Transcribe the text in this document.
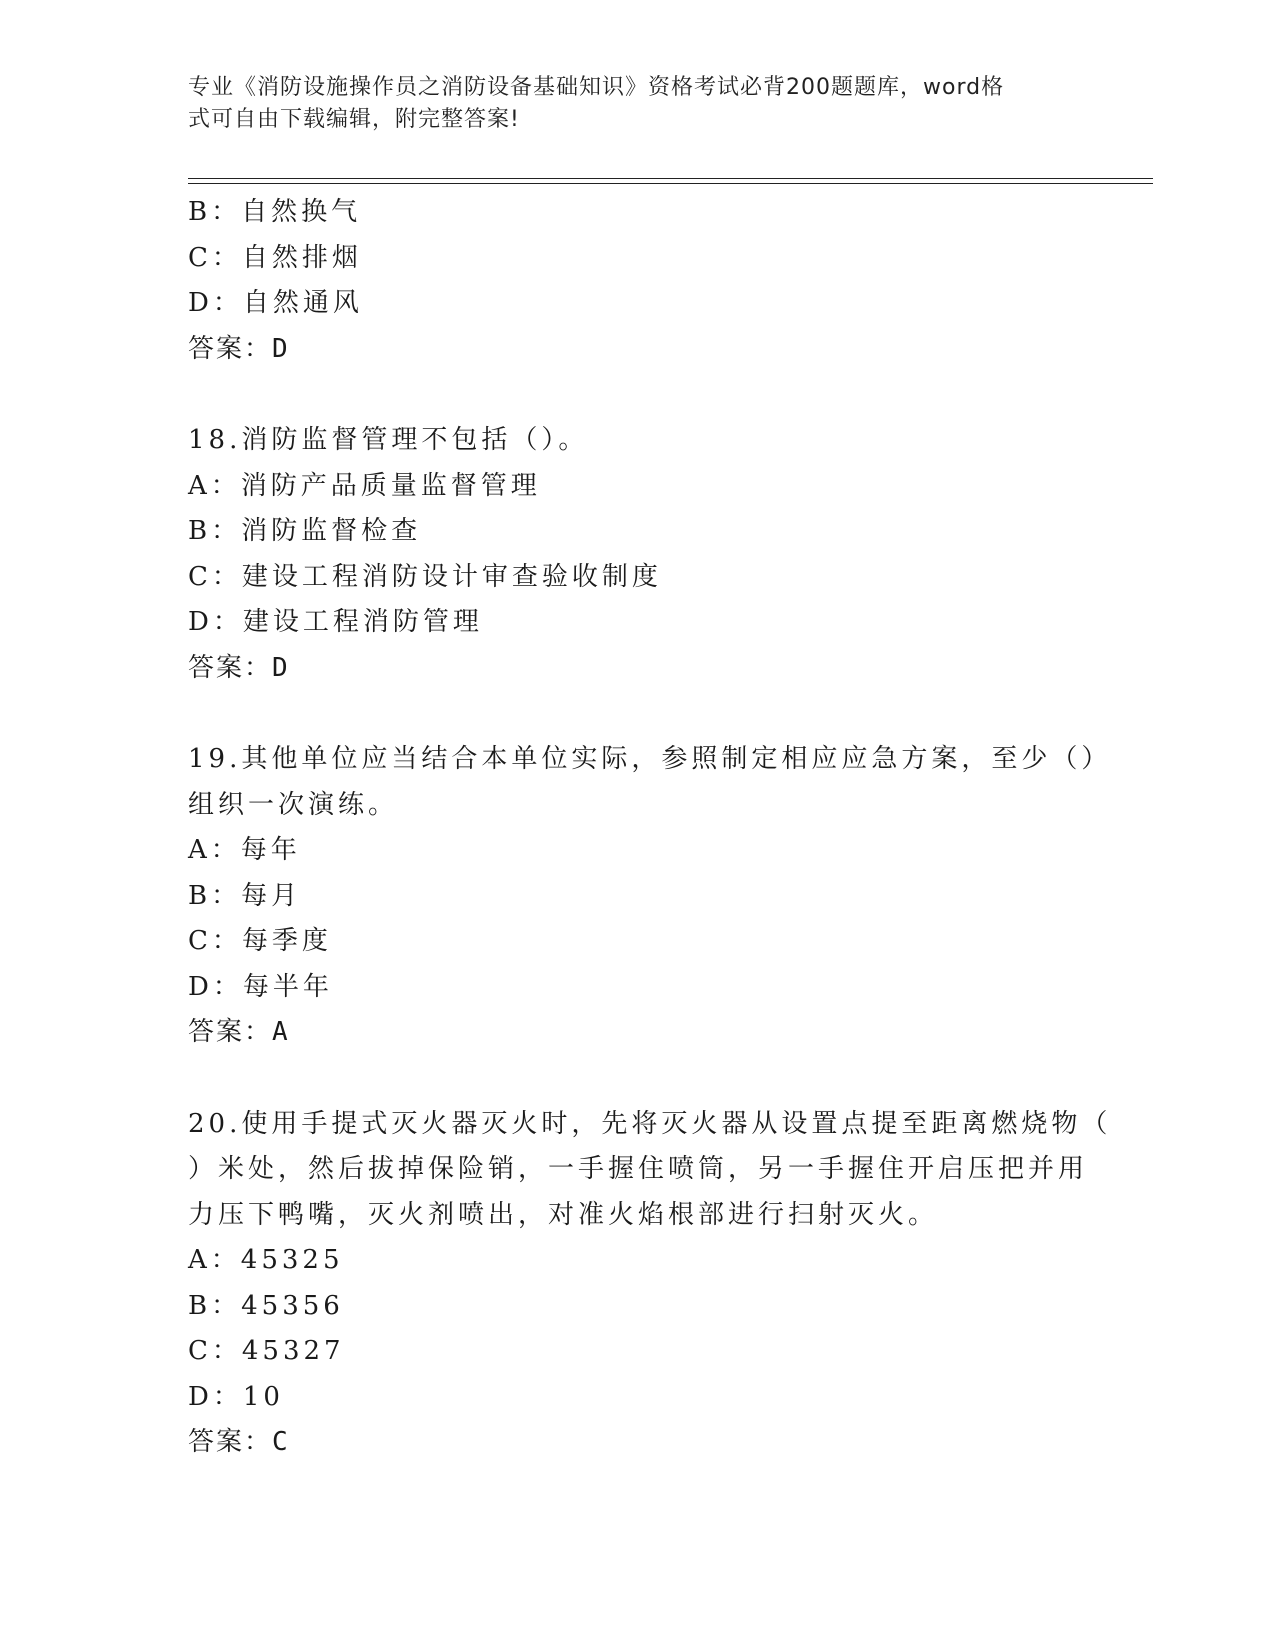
专业《消防设施操作员之消防设备基础知识》资格考试必背200题题库，word格
式可自由下载编辑，附完整答案!
B：自然换气
C：自然排烟
D：自然通风
答案：D
18.消防监督管理不包括（）。
A：消防产品质量监督管理
B：消防监督检查
C：建设工程消防设计审查验收制度
D：建设工程消防管理
答案：D
19.其他单位应当结合本单位实际，参照制定相应应急方案，至少（）
组织一次演练。
A：每年
B：每月
C：每季度
D：每半年
答案：A
20.使用手提式灭火器灭火时，先将灭火器从设置点提至距离燃烧物（
）米处，然后拔掉保险销，一手握住喷筒，另一手握住开启压把并用
力压下鸭嘴，灭火剂喷出，对准火焰根部进行扫射灭火。
A：45325
B：45356
C：45327
D：10
答案：C
